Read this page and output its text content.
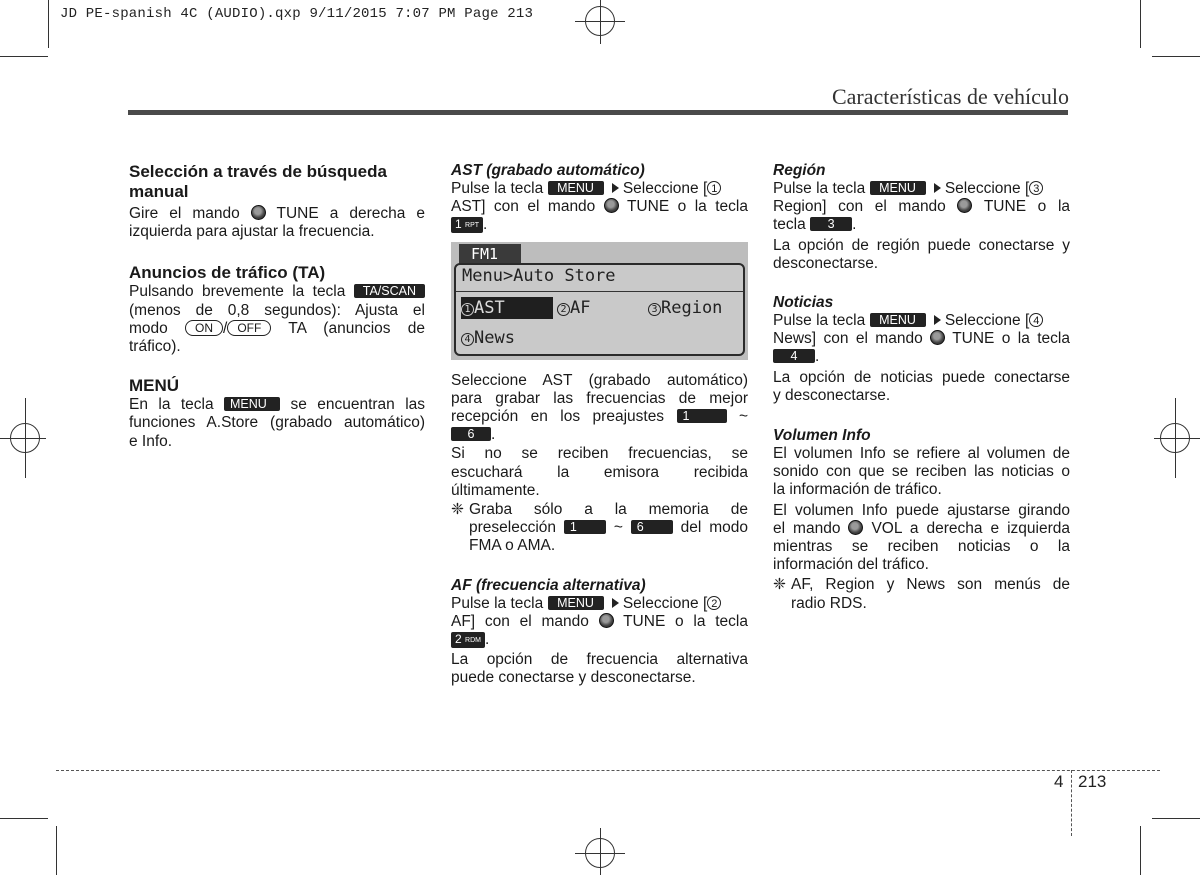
JD PE-spanish 4C (AUDIO).qxp 9/11/2015 7:07 PM Page 213
Características de vehículo

Selección a través de búsqueda
manual

Gire el mando TUNE a derecha e

izquierda para ajustar la frecuencia.

Anuncios de tráfico (TA)

Pulsando brevemente la tecla TA/SCAN

(menos de 0,8 segundos): Ajusta el

modo ON / OFF TA (anuncios de

tráfico).

MENÚ

En la tecla MENU se encuentran las

funciones A.Store (grabado automático)

e Info.

AST (grabado automático)

Pulse la tecla MENU Seleccione [ 1

AST] con el mando TUNE o la tecla

1 RPT .

FM1
Menu>Auto Store
1 AST	2 AF	3 Region
4 News

Seleccione AST (grabado automático)

para grabar las frecuencias de mejor

recepción en los preajustes 1	~

6 .

Si no se reciben frecuencias, se

escuchará la emisora recibida

últimamente.

❈ Graba sólo a la memoria de

preselección 1 ~ 6 del modo

FMA o AMA.

AF (frecuencia alternativa)

Pulse la tecla MENU Seleccione [ 2

AF] con el mando TUNE o la tecla

2 RDM .

La opción de frecuencia alternativa

puede conectarse y desconectarse.

Región

Pulse la tecla MENU Seleccione [ 3

Region] con el mando TUNE o la

tecla 3 .

La opción de región puede conectarse y

desconectarse.

Noticias

Pulse la tecla MENU Seleccione [ 4

News] con el mando TUNE o la tecla

4 .

La opción de noticias puede conectarse

y desconectarse.

Volumen Info

El volumen Info se refiere al volumen de

sonido con que se reciben las noticias o

la información de tráfico.

El volumen Info puede ajustarse girando

el mando VOL a derecha e izquierda

mientras se reciben noticias o la

información del tráfico.

❈ AF, Region y News son menús de

radio RDS.

4 213
